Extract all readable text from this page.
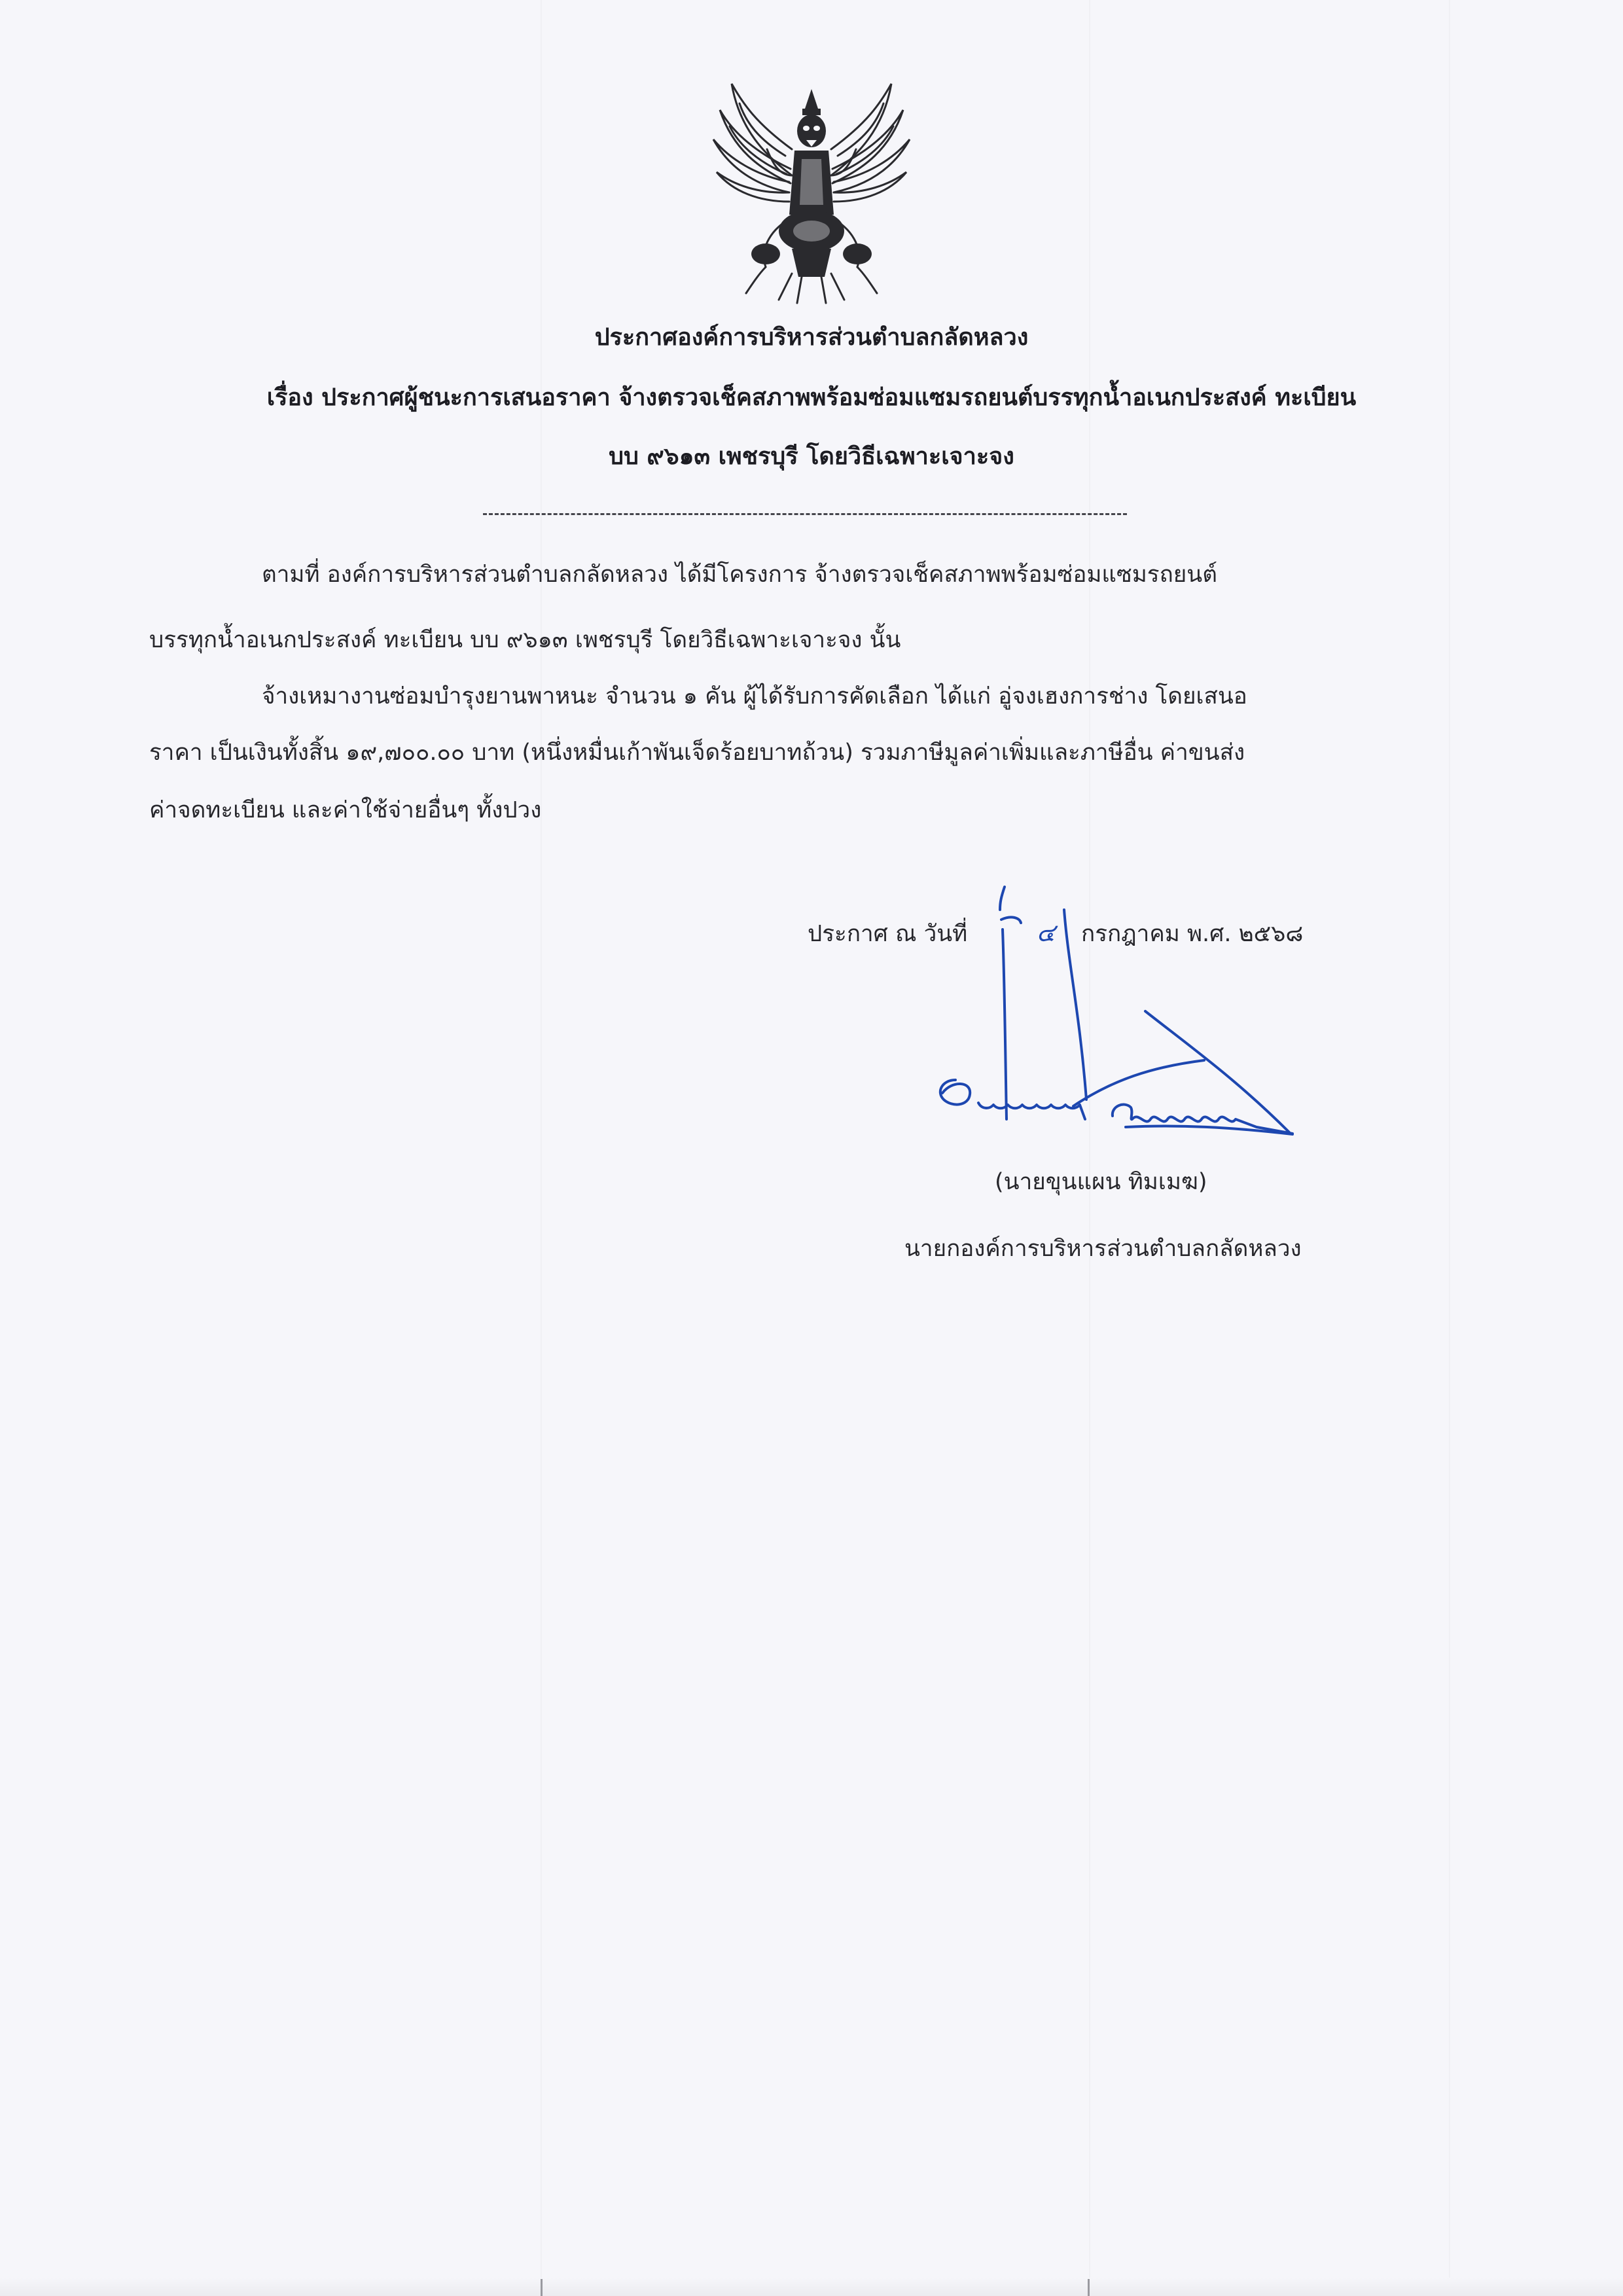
ประกาศองค์การบริหารส่วนตำบลกลัดหลวง
เรื่อง ประกาศผู้ชนะการเสนอราคา จ้างตรวจเช็คสภาพพร้อมซ่อมแซมรถยนต์บรรทุกน้ำอเนกประสงค์ ทะเบียน
บบ ๙๖๑๓ เพชรบุรี โดยวิธีเฉพาะเจาะจง
ตามที่ องค์การบริหารส่วนตำบลกลัดหลวง ได้มีโครงการ จ้างตรวจเช็คสภาพพร้อมซ่อมแซมรถยนต์
บรรทุกน้ำอเนกประสงค์ ทะเบียน บบ ๙๖๑๓ เพชรบุรี โดยวิธีเฉพาะเจาะจง นั้น
จ้างเหมางานซ่อมบำรุงยานพาหนะ จำนวน ๑ คัน ผู้ได้รับการคัดเลือก ได้แก่ อู่จงเฮงการช่าง โดยเสนอ
ราคา เป็นเงินทั้งสิ้น ๑๙,๗๐๐.๐๐ บาท (หนึ่งหมื่นเก้าพันเจ็ดร้อยบาทถ้วน) รวมภาษีมูลค่าเพิ่มและภาษีอื่น ค่าขนส่ง
ค่าจดทะเบียน และค่าใช้จ่ายอื่นๆ ทั้งปวง
ประกาศ ณ วันที่	๔ กรกฎาคม พ.ศ. ๒๕๖๘
(นายขุนแผน ทิมเมฆ)
นายกองค์การบริหารส่วนตำบลกลัดหลวง
